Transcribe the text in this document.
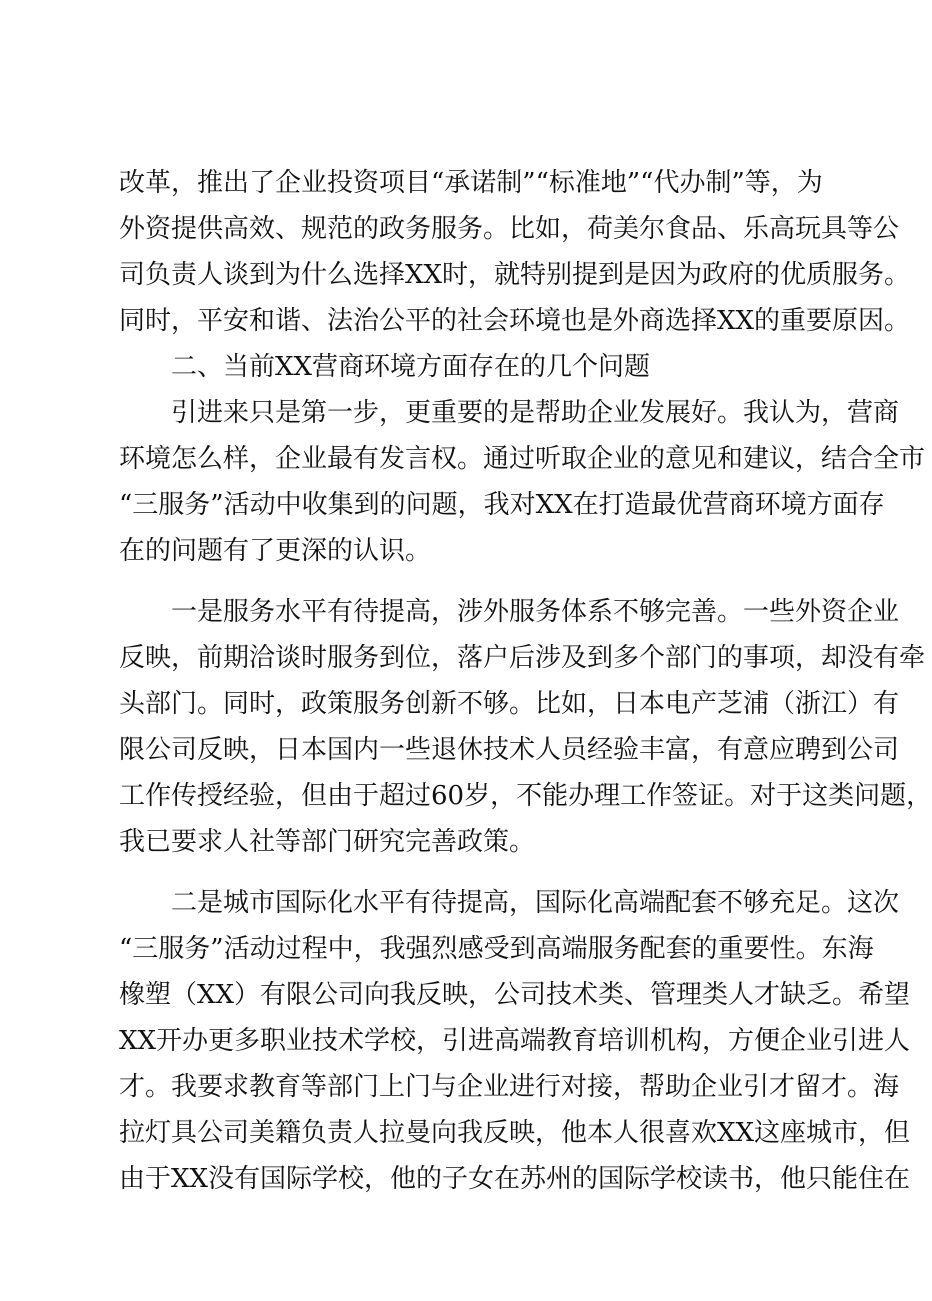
改革，推出了企业投资项目“承诺制”“标准地”“代办制”等，为
外资提供高效、规范的政务服务。比如，荷美尔食品、乐高玩具等公
司负责人谈到为什么选择XX时，就特别提到是因为政府的优质服务。
同时，平安和谐、法治公平的社会环境也是外商选择XX的重要原因。
二、当前XX营商环境方面存在的几个问题
引进来只是第一步，更重要的是帮助企业发展好。我认为，营商
环境怎么样，企业最有发言权。通过听取企业的意见和建议，结合全市
“三服务”活动中收集到的问题，我对XX在打造最优营商环境方面存
在的问题有了更深的认识。
一是服务水平有待提高，涉外服务体系不够完善。一些外资企业
反映，前期洽谈时服务到位，落户后涉及到多个部门的事项，却没有牵
头部门。同时，政策服务创新不够。比如，日本电产芝浦（浙江）有
限公司反映，日本国内一些退休技术人员经验丰富，有意应聘到公司
工作传授经验，但由于超过60岁，不能办理工作签证。对于这类问题，
我已要求人社等部门研究完善政策。
二是城市国际化水平有待提高，国际化高端配套不够充足。这次
“三服务”活动过程中，我强烈感受到高端服务配套的重要性。东海
橡塑（XX）有限公司向我反映，公司技术类、管理类人才缺乏。希望
XX开办更多职业技术学校，引进高端教育培训机构，方便企业引进人
才。我要求教育等部门上门与企业进行对接，帮助企业引才留才。海
拉灯具公司美籍负责人拉曼向我反映，他本人很喜欢XX这座城市，但
由于XX没有国际学校，他的子女在苏州的国际学校读书，他只能住在
